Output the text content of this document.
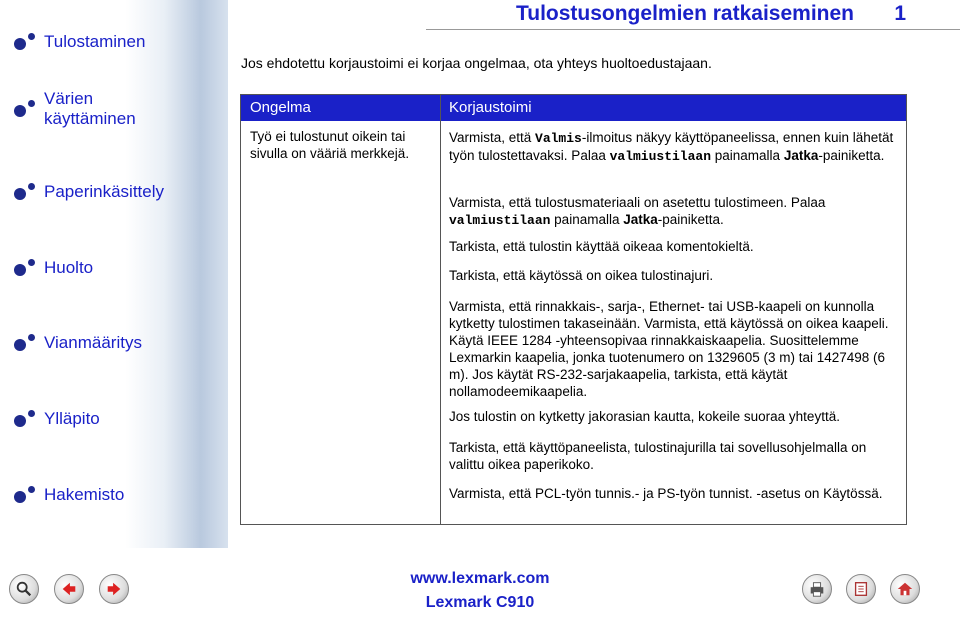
Tulostaminen
Värien käyttäminen
Paperinkäsittely
Huolto
Vianmääritys
Ylläpito
Hakemisto
Tulostusongelmien ratkaiseminen 1
Jos ehdotettu korjaustoimi ei korjaa ongelmaa, ota yhteys huoltoedustajaan.
Ongelma	Korjaustoimi
Työ ei tulostunut oikein tai sivulla on vääriä merkkejä.
Varmista, että Valmis-ilmoitus näkyy käyttöpaneelissa, ennen kuin lähetät työn tulostettavaksi. Palaa valmiustilaan painamalla Jatka-painiketta.
Varmista, että tulostusmateriaali on asetettu tulostimeen. Palaa valmiustilaan painamalla Jatka-painiketta.
Tarkista, että tulostin käyttää oikeaa komentokieltä.
Tarkista, että käytössä on oikea tulostinajuri.
Varmista, että rinnakkais-, sarja-, Ethernet- tai USB-kaapeli on kunnolla kytketty tulostimen takaseinään. Varmista, että käytössä on oikea kaapeli. Käytä IEEE 1284 -yhteensopivaa rinnakkaiskaapelia. Suosittelemme Lexmarkin kaapelia, jonka tuotenumero on 1329605 (3 m) tai 1427498 (6 m). Jos käytät RS-232-sarjakaapelia, tarkista, että käytät nollamodeemikaapelia.
Jos tulostin on kytketty jakorasian kautta, kokeile suoraa yhteyttä.
Tarkista, että käyttöpaneelista, tulostinajurilla tai sovellusohjelmalla on valittu oikea paperikoko.
Varmista, että PCL-työn tunnis.- ja PS-työn tunnist. -asetus on Käytössä.
www.lexmark.com
Lexmark C910
